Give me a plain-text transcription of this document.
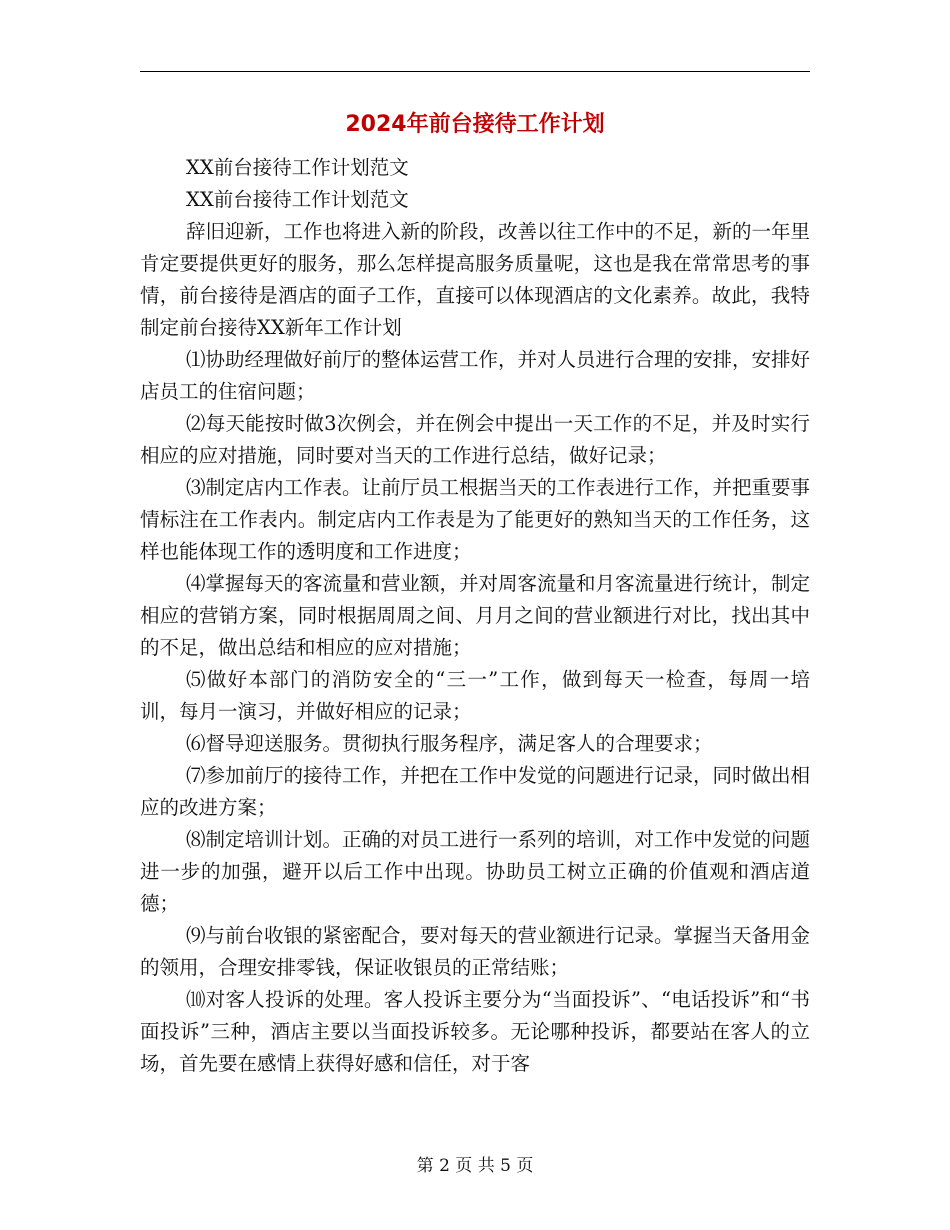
2024年前台接待工作计划

XX前台接待工作计划范文

XX前台接待工作计划范文

辞旧迎新，工作也将进入新的阶段，改善以往工作中的不足，新的一年里肯定要提供更好的服务，那么怎样提高服务质量呢，这也是我在常常思考的事情，前台接待是酒店的面子工作，直接可以体现酒店的文化素养。故此，我特制定前台接待XX新年工作计划

⑴协助经理做好前厅的整体运营工作，并对人员进行合理的安排，安排好店员工的住宿问题；

⑵每天能按时做3次例会，并在例会中提出一天工作的不足，并及时实行相应的应对措施，同时要对当天的工作进行总结，做好记录；

⑶制定店内工作表。让前厅员工根据当天的工作表进行工作，并把重要事情标注在工作表内。制定店内工作表是为了能更好的熟知当天的工作任务，这样也能体现工作的透明度和工作进度；

⑷掌握每天的客流量和营业额，并对周客流量和月客流量进行统计，制定相应的营销方案，同时根据周周之间、月月之间的营业额进行对比，找出其中的不足，做出总结和相应的应对措施；

⑸做好本部门的消防安全的“三一”工作，做到每天一检查，每周一培训，每月一演习，并做好相应的记录；

⑹督导迎送服务。贯彻执行服务程序，满足客人的合理要求；

⑺参加前厅的接待工作，并把在工作中发觉的问题进行记录，同时做出相应的改进方案；

⑻制定培训计划。正确的对员工进行一系列的培训，对工作中发觉的问题进一步的加强，避开以后工作中出现。协助员工树立正确的价值观和酒店道德；

⑼与前台收银的紧密配合，要对每天的营业额进行记录。掌握当天备用金的领用，合理安排零钱，保证收银员的正常结账；

⑽对客人投诉的处理。客人投诉主要分为“当面投诉”、“电话投诉”和“书面投诉”三种，酒店主要以当面投诉较多。无论哪种投诉，都要站在客人的立场，首先要在感情上获得好感和信任，对于客

第 2 页 共 5 页
